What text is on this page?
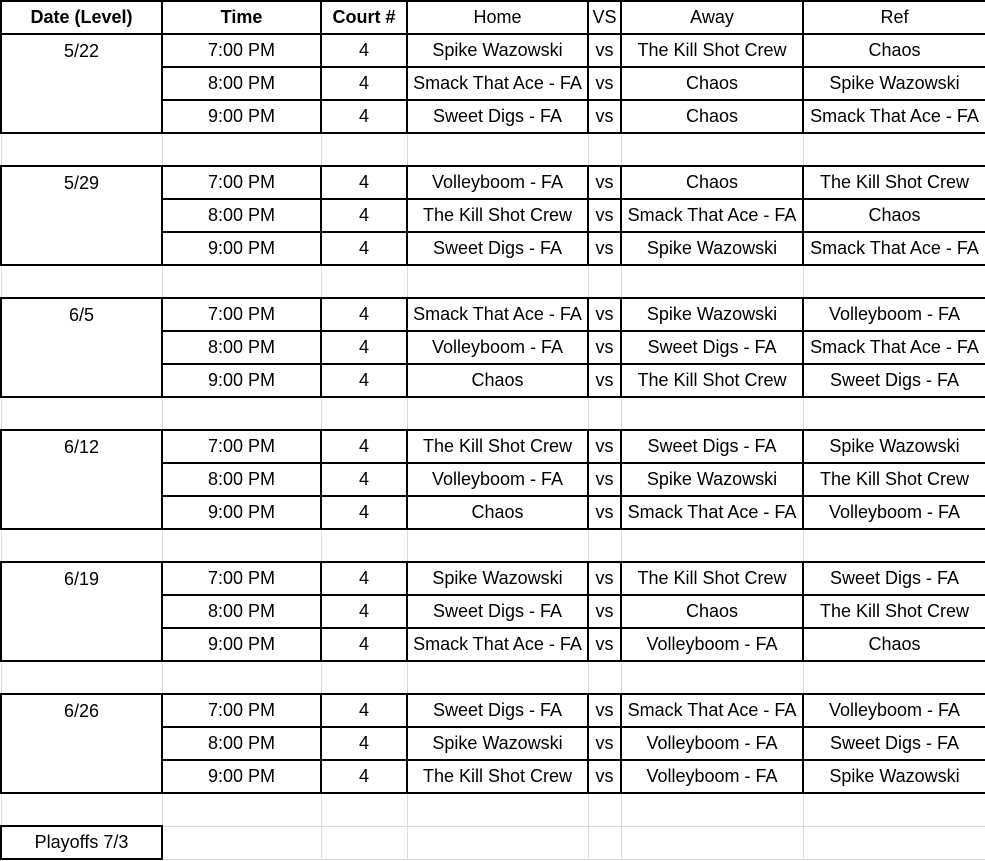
Date (Level)	Time	Court #	Home	VS	Away	Ref
5/22	7:00 PM	4	Spike Wazowski	vs	The Kill Shot Crew	Chaos
	8:00 PM	4	Smack That Ace - FA	vs	Chaos	Spike Wazowski
	9:00 PM	4	Sweet Digs - FA	vs	Chaos	Smack That Ace - FA

5/29	7:00 PM	4	Volleyboom - FA	vs	Chaos	The Kill Shot Crew
	8:00 PM	4	The Kill Shot Crew	vs	Smack That Ace - FA	Chaos
	9:00 PM	4	Sweet Digs - FA	vs	Spike Wazowski	Smack That Ace - FA

6/5	7:00 PM	4	Smack That Ace - FA	vs	Spike Wazowski	Volleyboom - FA
	8:00 PM	4	Volleyboom - FA	vs	Sweet Digs - FA	Smack That Ace - FA
	9:00 PM	4	Chaos	vs	The Kill Shot Crew	Sweet Digs - FA

6/12	7:00 PM	4	The Kill Shot Crew	vs	Sweet Digs - FA	Spike Wazowski
	8:00 PM	4	Volleyboom - FA	vs	Spike Wazowski	The Kill Shot Crew
	9:00 PM	4	Chaos	vs	Smack That Ace - FA	Volleyboom - FA

6/19	7:00 PM	4	Spike Wazowski	vs	The Kill Shot Crew	Sweet Digs - FA
	8:00 PM	4	Sweet Digs - FA	vs	Chaos	The Kill Shot Crew
	9:00 PM	4	Smack That Ace - FA	vs	Volleyboom - FA	Chaos

6/26	7:00 PM	4	Sweet Digs - FA	vs	Smack That Ace - FA	Volleyboom - FA
	8:00 PM	4	Spike Wazowski	vs	Volleyboom - FA	Sweet Digs - FA
	9:00 PM	4	The Kill Shot Crew	vs	Volleyboom - FA	Spike Wazowski

Playoffs 7/3						
